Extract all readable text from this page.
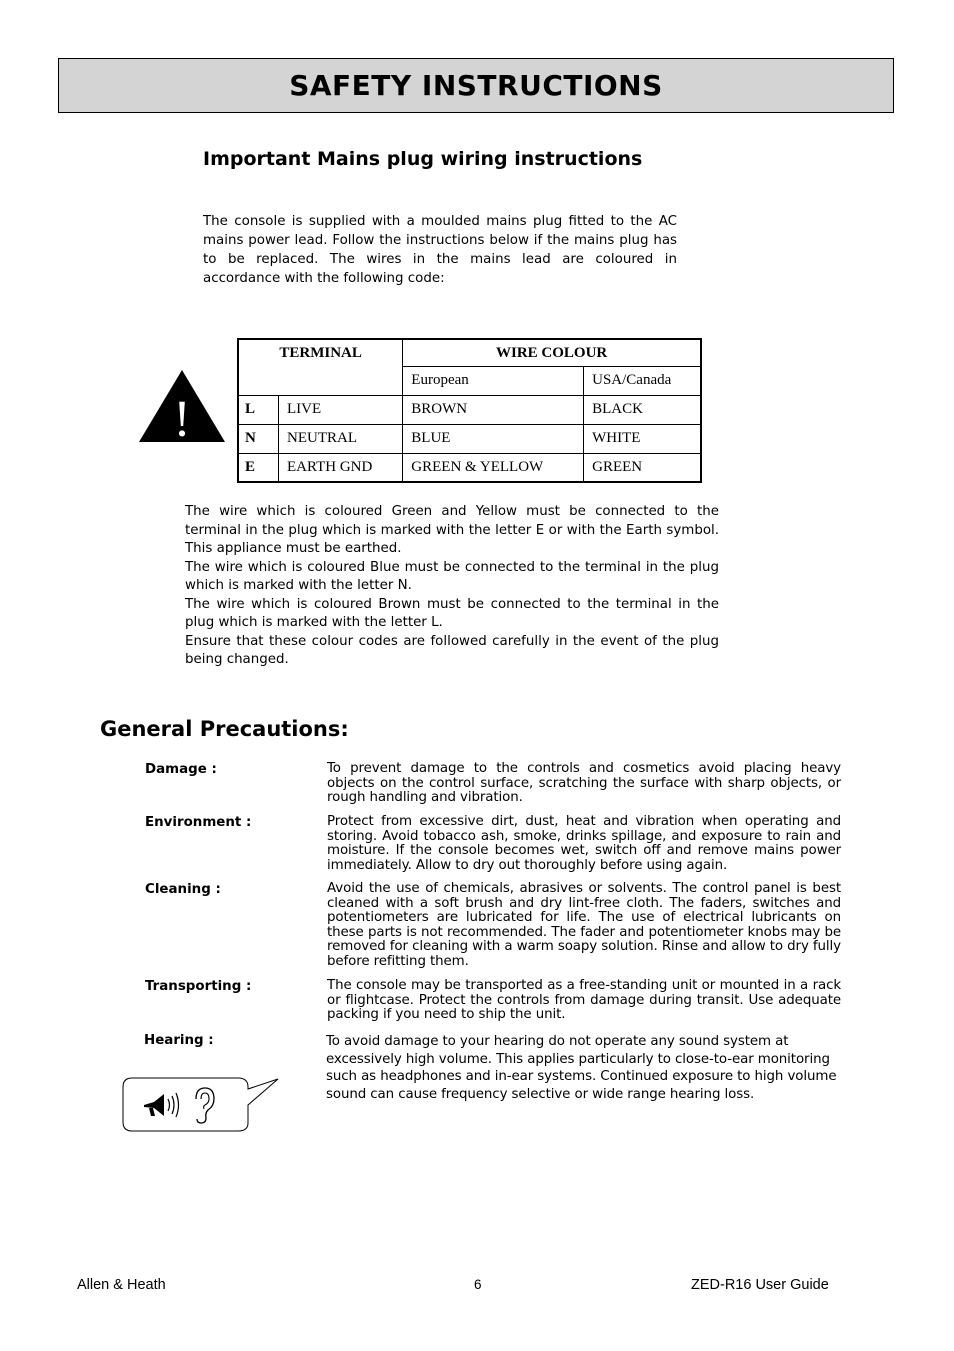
SAFETY INSTRUCTIONS
Important Mains plug wiring instructions

The console is supplied with a moulded mains plug fitted to the AC mains power lead. Follow the instructions below if the mains plug has to be replaced. The wires in the mains lead are coloured in accordance with the following code:

!
TERMINAL		WIRE COLOUR	
		European	USA/Canada
L	LIVE	BROWN	BLACK
N	NEUTRAL	BLUE	WHITE
E	EARTH GND	GREEN & YELLOW	GREEN

The wire which is coloured Green and Yellow must be connected to the terminal in the plug which is marked with the letter E or with the Earth symbol. This appliance must be earthed.

The wire which is coloured Blue must be connected to the terminal in the plug which is marked with the letter N.

The wire which is coloured Brown must be connected to the terminal in the plug which is marked with the letter L.

Ensure that these colour codes are followed carefully in the event of the plug being changed.

General Precautions:

Damage :	To prevent damage to the controls and cosmetics avoid placing heavy objects on the control surface, scratching the surface with sharp objects, or rough handling and vibration.

Environment :	Protect from excessive dirt, dust, heat and vibration when operating and storing. Avoid tobacco ash, smoke, drinks spillage, and exposure to rain and moisture. If the console becomes wet, switch off and remove mains power immediately. Allow to dry out thoroughly before using again.

Cleaning :	Avoid the use of chemicals, abrasives or solvents. The control panel is best cleaned with a soft brush and dry lint-free cloth. The faders, switches and potentiometers are lubricated for life. The use of electrical lubricants on these parts is not recommended. The fader and potentiometer knobs may be removed for cleaning with a warm soapy solution. Rinse and allow to dry fully before refitting them.

Transporting :	The console may be transported as a free-standing unit or mounted in a rack or flightcase. Protect the controls from damage during transit. Use adequate packing if you need to ship the unit.

Hearing :	To avoid damage to your hearing do not operate any sound system at excessively high volume. This applies particularly to close-to-ear monitoring such as headphones and in-ear systems. Continued exposure to high volume sound can cause frequency selective or wide range hearing loss.

Allen & Heath	6	ZED-R16 User Guide
